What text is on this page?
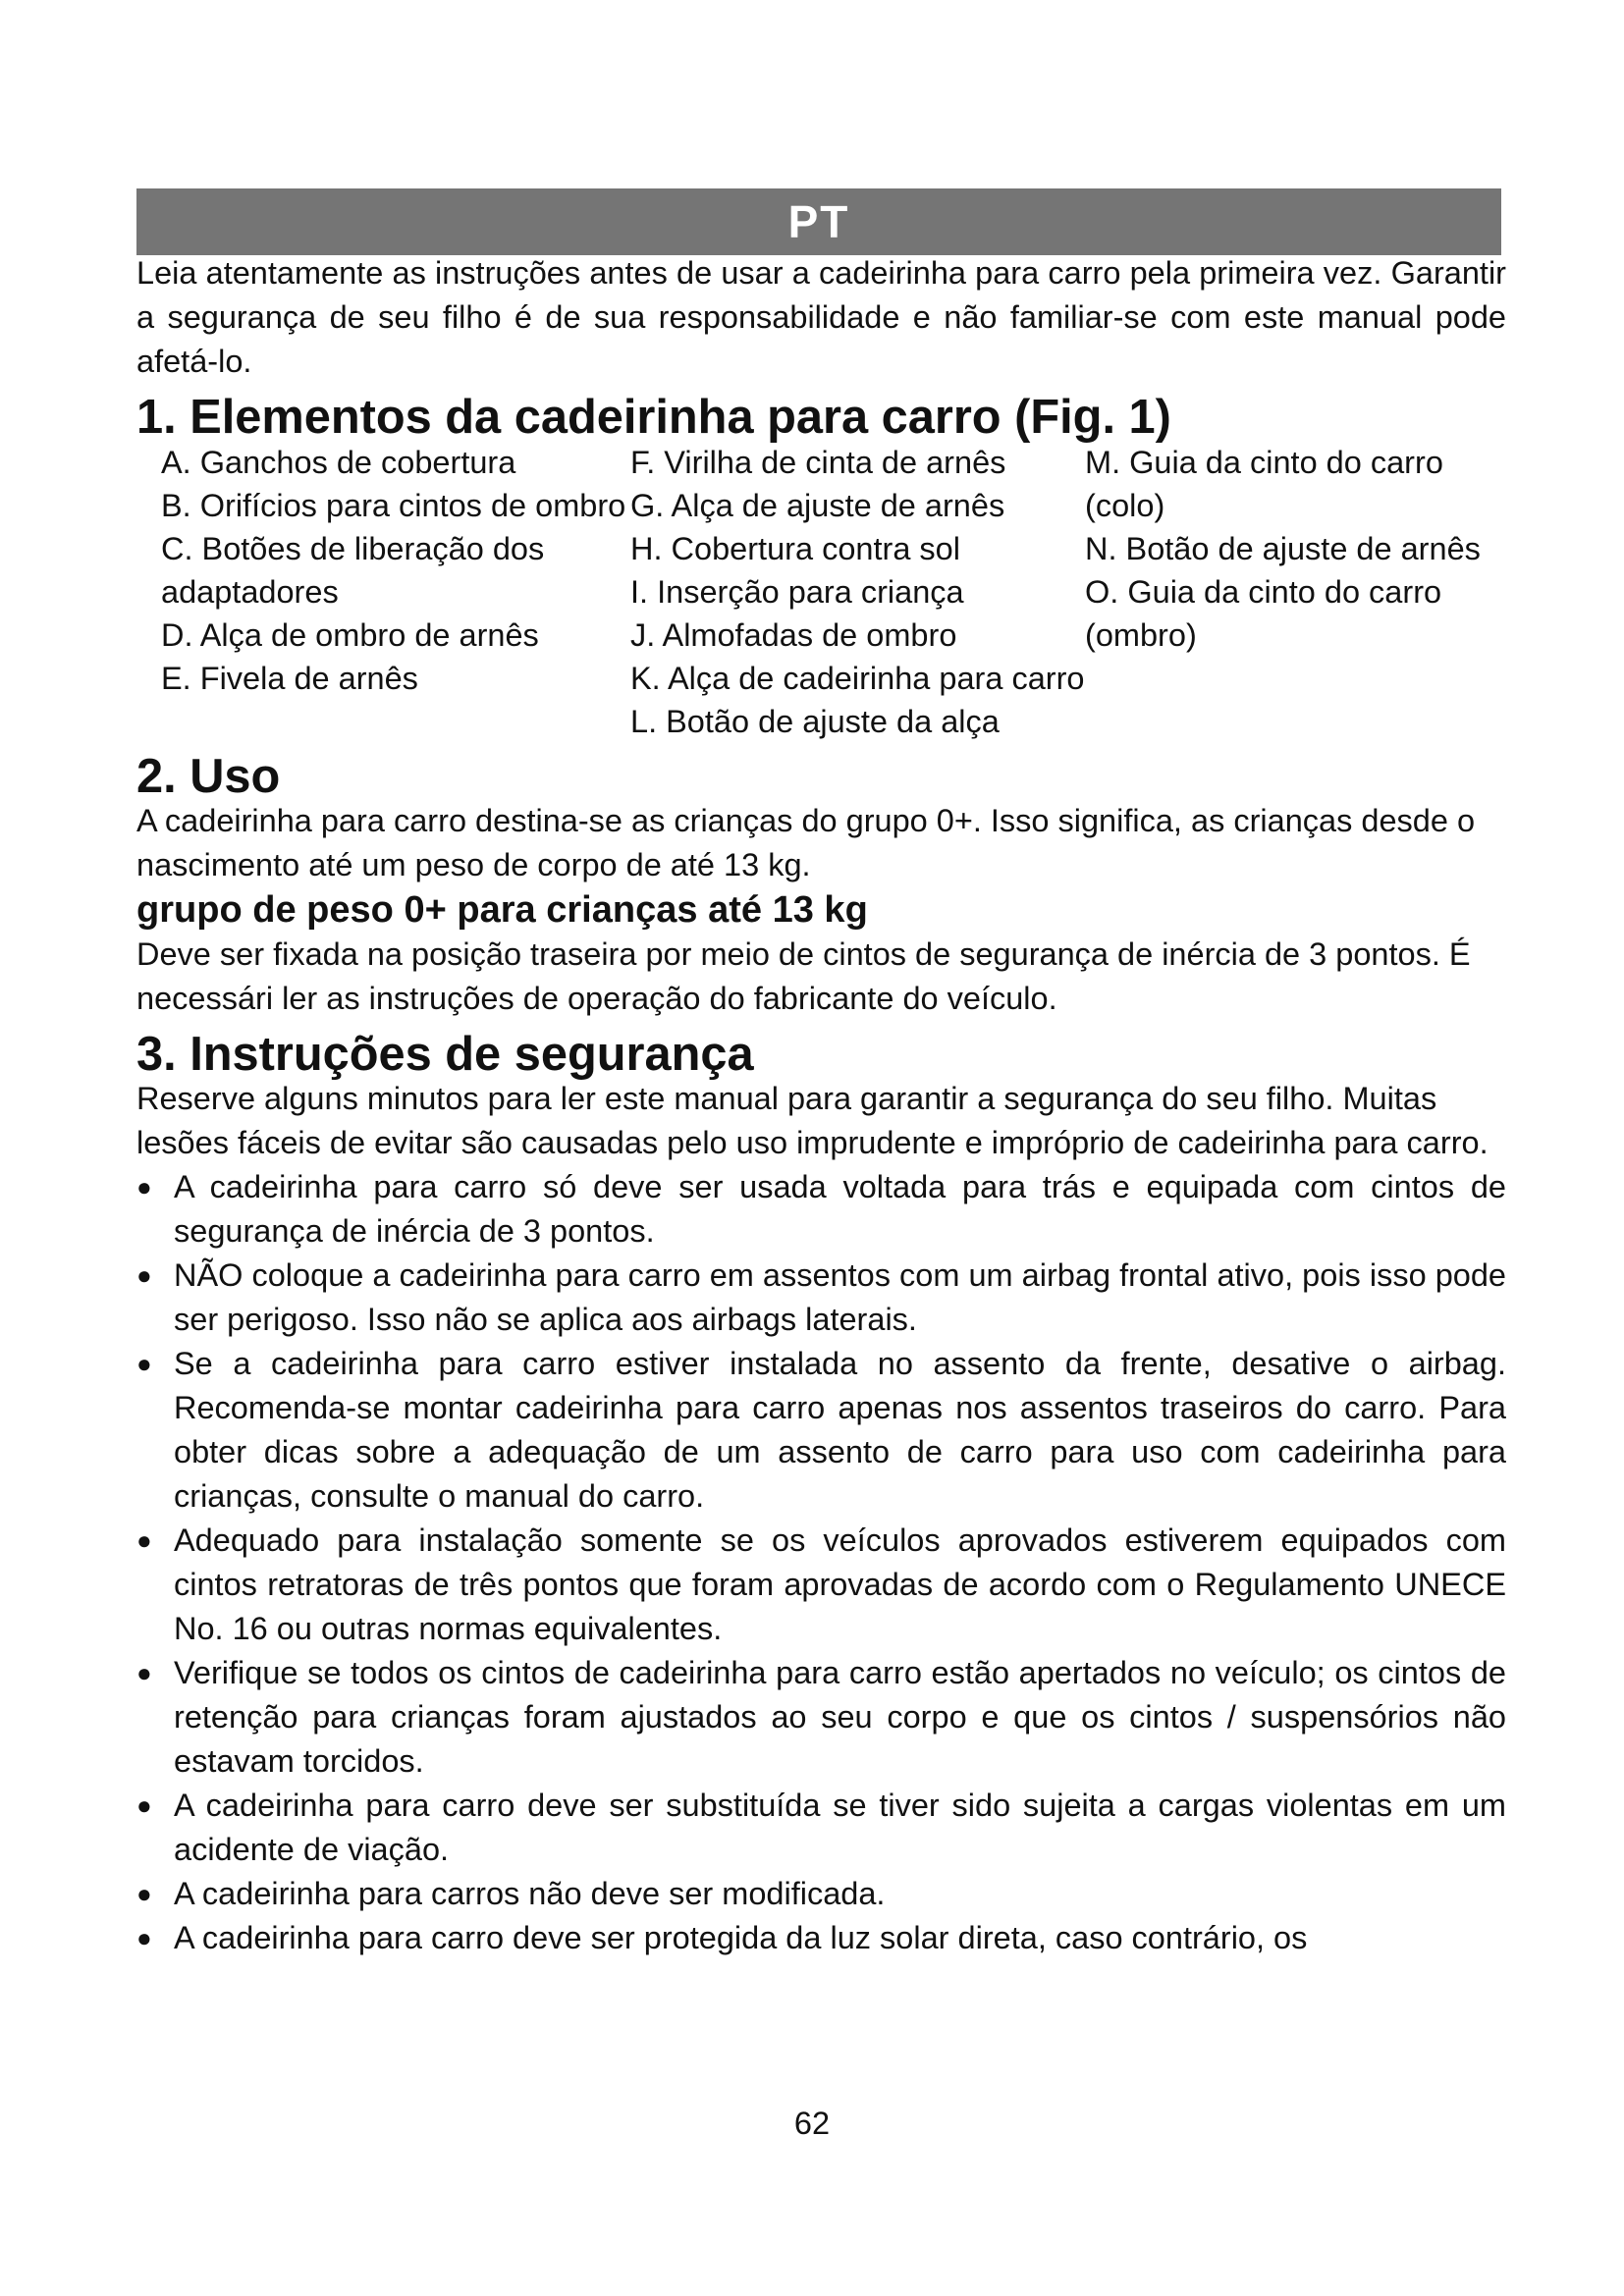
PT

Leia atentamente as instruções antes de usar a cadeirinha para carro pela primeira vez. Garantir a segurança de seu filho é de sua responsabilidade e não familiar-se com este manual pode afetá-lo.

1. Elementos da cadeirinha para carro (Fig. 1)
A. Ganchos de cobertura
B. Orifícios para cintos de ombro
C. Botões de liberação dos adaptadores
D. Alça de ombro de arnês
E. Fivela de arnês
F. Virilha de cinta de arnês
G. Alça de ajuste de arnês
H. Cobertura contra sol
I. Inserção para criança
J. Almofadas de ombro
K. Alça de cadeirinha para carro
L. Botão de ajuste da alça
M. Guia da cinto do carro (colo)
N. Botão de ajuste de arnês
O. Guia da cinto do carro (ombro)
2. Uso

A cadeirinha para carro destina-se as crianças do grupo 0+. Isso significa, as crianças desde o nascimento até um peso de corpo de até 13 kg.

grupo de peso 0+ para crianças até 13 kg

Deve ser fixada na posição traseira por meio de cintos de segurança de inércia de 3 pontos. É necessári ler as instruções de operação do fabricante do veículo.

3. Instruções de segurança

Reserve alguns minutos para ler este manual para garantir a segurança do seu filho. Muitas lesões fáceis de evitar são causadas pelo uso imprudente e impróprio de cadeirinha para carro.

● A cadeirinha para carro só deve ser usada voltada para trás e equipada com cintos de segurança de inércia de 3 pontos.
● NÃO coloque a cadeirinha para carro em assentos com um airbag frontal ativo, pois isso pode ser perigoso. Isso não se aplica aos airbags laterais.
● Se a cadeirinha para carro estiver instalada no assento da frente, desative o airbag. Recomenda-se montar cadeirinha para carro apenas nos assentos traseiros do carro. Para obter dicas sobre a adequação de um assento de carro para uso com cadeirinha para crianças, consulte o manual do carro.
● Adequado para instalação somente se os veículos aprovados estiverem equipados com cintos retratoras de três pontos que foram aprovadas de acordo com o Regulamento UNECE No. 16 ou outras normas equivalentes.
● Verifique se todos os cintos de cadeirinha para carro estão apertados no veículo; os cintos de retenção para crianças foram ajustados ao seu corpo e que os cintos / suspensórios não estavam torcidos.
● A cadeirinha para carro deve ser substituída se tiver sido sujeita a cargas violentas em um acidente de viação.
● A cadeirinha para carros não deve ser modificada.
● A cadeirinha para carro deve ser protegida da luz solar direta, caso contrário, os
62
